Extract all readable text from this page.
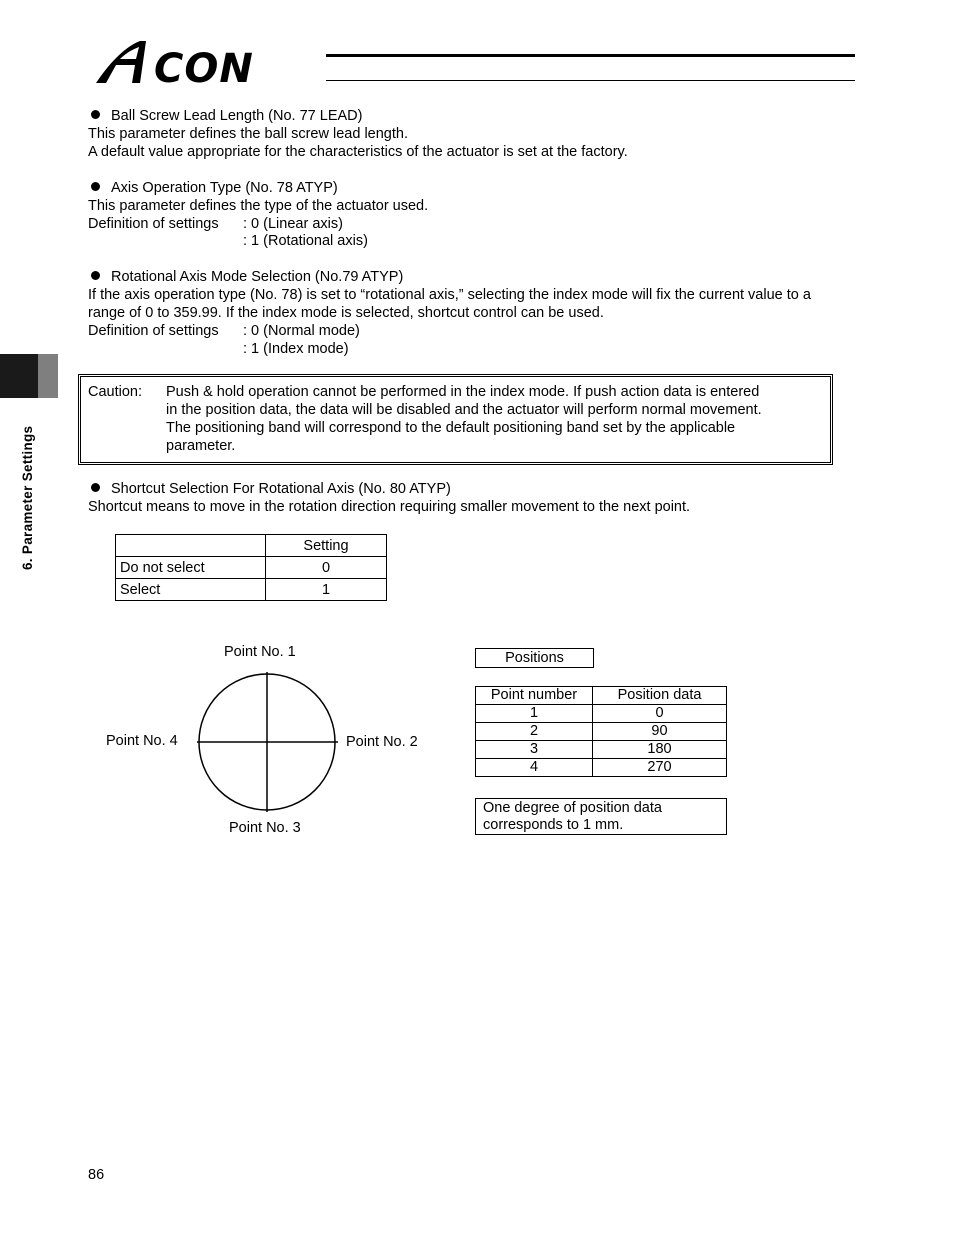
CON
6. Parameter Settings
Ball Screw Lead Length (No. 77 LEAD)
This parameter defines the ball screw lead length.
A default value appropriate for the characteristics of the actuator is set at the factory.
Axis Operation Type (No. 78 ATYP)
This parameter defines the type of the actuator used.
Definition of settings : 0 (Linear axis)
: 1 (Rotational axis)
Rotational Axis Mode Selection (No.79 ATYP)
If the axis operation type (No. 78) is set to “rotational axis,” selecting the index mode will fix the current value to a
range of 0 to 359.99. If the index mode is selected, shortcut control can be used.
Definition of settings : 0 (Normal mode)
: 1 (Index mode)
Caution: Push & hold operation cannot be performed in the index mode. If push action data is entered
in the position data, the data will be disabled and the actuator will perform normal movement.
The positioning band will correspond to the default positioning band set by the applicable
parameter.
Shortcut Selection For Rotational Axis (No. 80 ATYP)
Shortcut means to move in the rotation direction requiring smaller movement to the next point.
	Setting
Do not select	0
Select	1
Point No. 1
Point No. 2
Point No. 3
Point No. 4
Positions
Point number	Position data
1	0
2	90
3	180
4	270
One degree of position data
corresponds to 1 mm.
86
